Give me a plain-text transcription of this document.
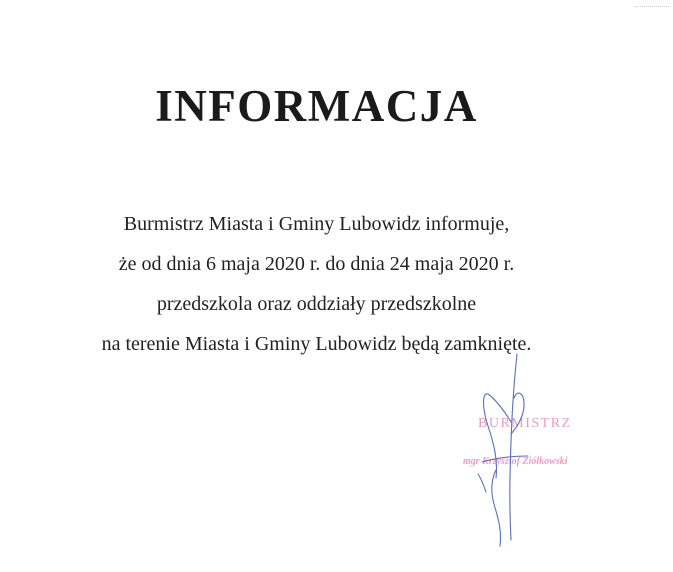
INFORMACJA
Burmistrz Miasta i Gminy Lubowidz informuje,
że od dnia 6 maja 2020 r. do dnia 24 maja 2020 r.
przedszkola oraz oddziały przedszkolne
na terenie Miasta i Gminy Lubowidz będą zamknięte.
BURMISTRZ
mgr Krzysztof Ziółkowski
